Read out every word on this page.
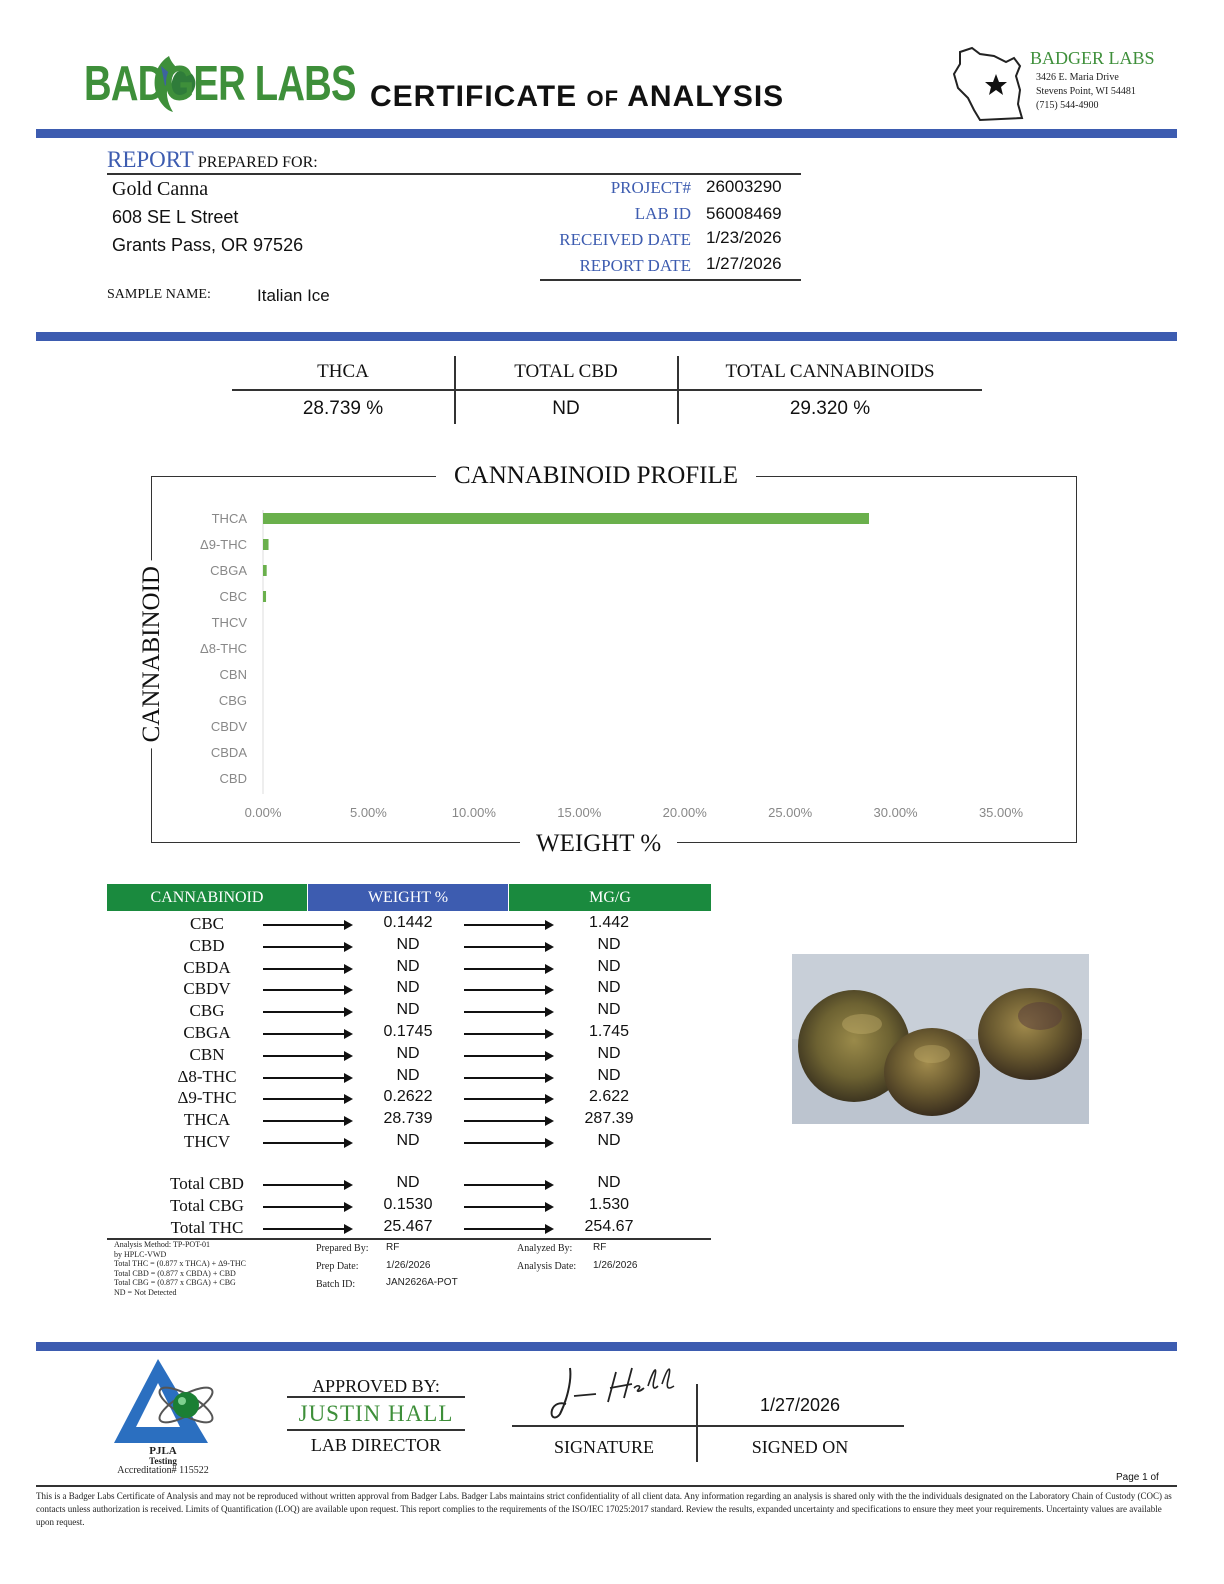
BADGER LABS CERTIFICATE OF ANALYSIS
BADGER LABS
3426 E. Maria Drive
Stevens Point, WI 54481
(715) 544-4900
REPORT PREPARED FOR:
Gold Canna
608 SE L Street
Grants Pass, OR 97526
PROJECT# 26003290
LAB ID 56008469
RECEIVED DATE 1/23/2026
REPORT DATE 1/27/2026
SAMPLE NAME:	Italian Ice
THCA	TOTAL CBD	TOTAL CANNABINOIDS
28.739 %	ND	29.320 %
THCA
Δ9-THC
CBGA
CBC
THCV
Δ8-THC
CBN
CBG
CBDV
CBDA
CBD
0.00%	5.00%	10.00%	15.00%	20.00%	25.00%	30.00%	35.00%
CANNABINOID PROFILE
WEIGHT %
CANNABINOID
CANNABINOID	WEIGHT %	MG/G
CBC	0.1442	1.442
CBD	ND	ND
CBDA	ND	ND
CBDV	ND	ND
CBG	ND	ND
CBGA	0.1745	1.745
CBN	ND	ND
Δ8-THC	ND	ND
Δ9-THC	0.2622	2.622
THCA	28.739	287.39
THCV	ND	ND
Total CBD	ND	ND
Total CBG	0.1530	1.530
Total THC	25.467	254.67
Analysis Method: TP-POT-01
by HPLC-VWD
Total THC = (0.877 x THCA) + Δ9-THC
Total CBD = (0.877 x CBDA) + CBD
Total CBG = (0.877 x CBGA) + CBG
ND = Not Detected
Prepared By: RF
Prep Date:	1/26/2026
Batch ID:	JAN2626A-POT
Analyzed By: RF
Analysis Date: 1/26/2026
PJLA
Testing
Accreditation# 115522
APPROVED BY:
JUSTIN HALL
LAB DIRECTOR	SIGNATURE
1/27/2026
SIGNED ON
Page 1 of
This is a Badger Labs Certificate of Analysis and may not be reproduced without written approval from Badger Labs. Badger Labs maintains strict confidentiality of all client data. Any information regarding an analysis is shared only with the the individuals designated on the Laboratory Chain of Custody (COC) as contacts unless authorization is received. Limits of Quantification (LOQ) are available upon request. This report complies to the requirements of the ISO/IEC 17025:2017 standard. Review the results, expanded uncertainty and specifications to ensure they meet your requirements. Uncertainty values are available upon request.
